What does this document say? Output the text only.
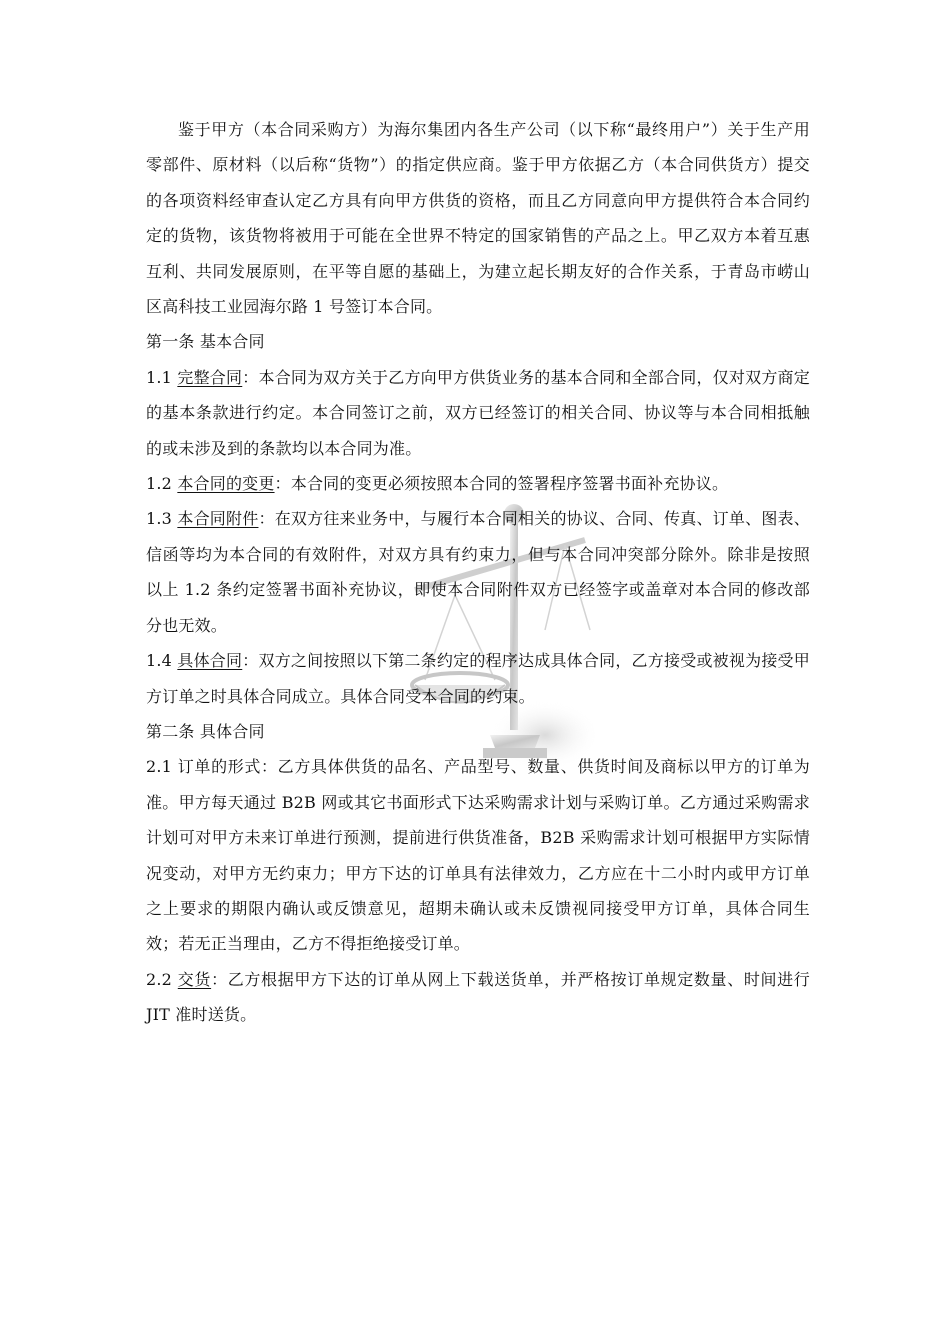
鉴于甲方（本合同采购方）为海尔集团内各生产公司（以下称“最终用户”）关于生产用零部件、原材料（以后称“货物”）的指定供应商。鉴于甲方依据乙方（本合同供货方）提交的各项资料经审查认定乙方具有向甲方供货的资格，而且乙方同意向甲方提供符合本合同约定的货物，该货物将被用于可能在全世界不特定的国家销售的产品之上。甲乙双方本着互惠互利、共同发展原则，在平等自愿的基础上，为建立起长期友好的合作关系，于青岛市崂山区高科技工业园海尔路 1 号签订本合同。

第一条 基本合同

1.1 完整合同：本合同为双方关于乙方向甲方供货业务的基本合同和全部合同，仅对双方商定的基本条款进行约定。本合同签订之前，双方已经签订的相关合同、协议等与本合同相抵触的或未涉及到的条款均以本合同为准。

1.2 本合同的变更：本合同的变更必须按照本合同的签署程序签署书面补充协议。

1.3 本合同附件：在双方往来业务中，与履行本合同相关的协议、合同、传真、订单、图表、信函等均为本合同的有效附件，对双方具有约束力，但与本合同冲突部分除外。除非是按照以上 1.2 条约定签署书面补充协议，即使本合同附件双方已经签字或盖章对本合同的修改部分也无效。

1.4 具体合同：双方之间按照以下第二条约定的程序达成具体合同，乙方接受或被视为接受甲方订单之时具体合同成立。具体合同受本合同的约束。

第二条 具体合同

2.1 订单的形式：乙方具体供货的品名、产品型号、数量、供货时间及商标以甲方的订单为准。甲方每天通过 B2B 网或其它书面形式下达采购需求计划与采购订单。乙方通过采购需求计划可对甲方未来订单进行预测，提前进行供货准备，B2B 采购需求计划可根据甲方实际情况变动，对甲方无约束力；甲方下达的订单具有法律效力，乙方应在十二小时内或甲方订单之上要求的期限内确认或反馈意见，超期未确认或未反馈视同接受甲方订单，具体合同生效；若无正当理由，乙方不得拒绝接受订单。

2.2 交货：乙方根据甲方下达的订单从网上下载送货单，并严格按订单规定数量、时间进行 JIT 准时送货。
